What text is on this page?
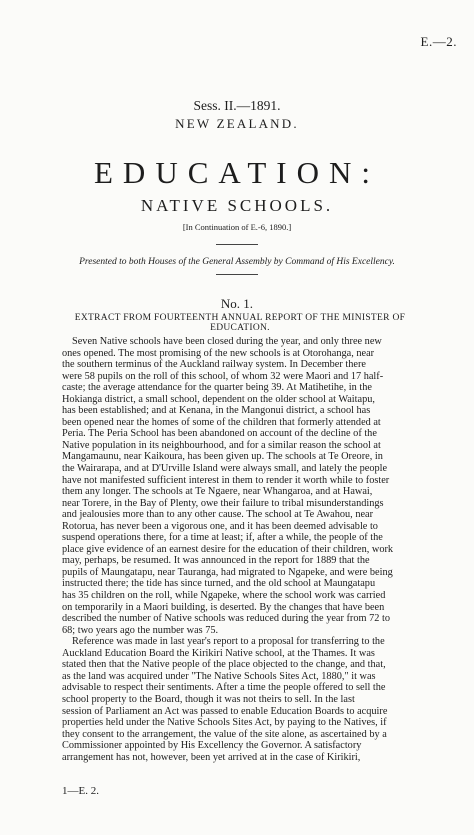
E.—2.
Sess. II.—1891.
NEW ZEALAND.
EDUCATION:
NATIVE SCHOOLS.
[In Continuation of E.-6, 1890.]
Presented to both Houses of the General Assembly by Command of His Excellency.
No. 1.
EXTRACT FROM FOURTEENTH ANNUAL REPORT OF THE MINISTER OF
EDUCATION.
Seven Native schools have been closed during the year, and only three new
ones opened. The most promising of the new schools is at Otorohanga, near
the southern terminus of the Auckland railway system. In December there
were 58 pupils on the roll of this school, of whom 32 were Maori and 17 half-
caste; the average attendance for the quarter being 39. At Matihetihe, in the
Hokianga district, a small school, dependent on the older school at Waitapu,
has been established; and at Kenana, in the Mangonui district, a school has
been opened near the homes of some of the children that formerly attended at
Peria. The Peria School has been abandoned on account of the decline of the
Native population in its neighbourhood, and for a similar reason the school at
Mangamaunu, near Kaikoura, has been given up. The schools at Te Oreore, in
the Wairarapa, and at D'Urville Island were always small, and lately the people
have not manifested sufficient interest in them to render it worth while to foster
them any longer. The schools at Te Ngaere, near Whangaroa, and at Hawai,
near Torere, in the Bay of Plenty, owe their failure to tribal misunderstandings
and jealousies more than to any other cause. The school at Te Awahou, near
Rotorua, has never been a vigorous one, and it has been deemed advisable to
suspend operations there, for a time at least; if, after a while, the people of the
place give evidence of an earnest desire for the education of their children, work
may, perhaps, be resumed. It was announced in the report for 1889 that the
pupils of Maungatapu, near Tauranga, had migrated to Ngapeke, and were being
instructed there; the tide has since turned, and the old school at Maungatapu
has 35 children on the roll, while Ngapeke, where the school work was carried
on temporarily in a Maori building, is deserted. By the changes that have been
described the number of Native schools was reduced during the year from 72 to
68; two years ago the number was 75.
Reference was made in last year's report to a proposal for transferring to the
Auckland Education Board the Kirikiri Native school, at the Thames. It was
stated then that the Native people of the place objected to the change, and that,
as the land was acquired under "The Native Schools Sites Act, 1880," it was
advisable to respect their sentiments. After a time the people offered to sell the
school property to the Board, though it was not theirs to sell. In the last
session of Parliament an Act was passed to enable Education Boards to acquire
properties held under the Native Schools Sites Act, by paying to the Natives, if
they consent to the arrangement, the value of the site alone, as ascertained by a
Commissioner appointed by His Excellency the Governor. A satisfactory
arrangement has not, however, been yet arrived at in the case of Kirikiri,
1—E. 2.
